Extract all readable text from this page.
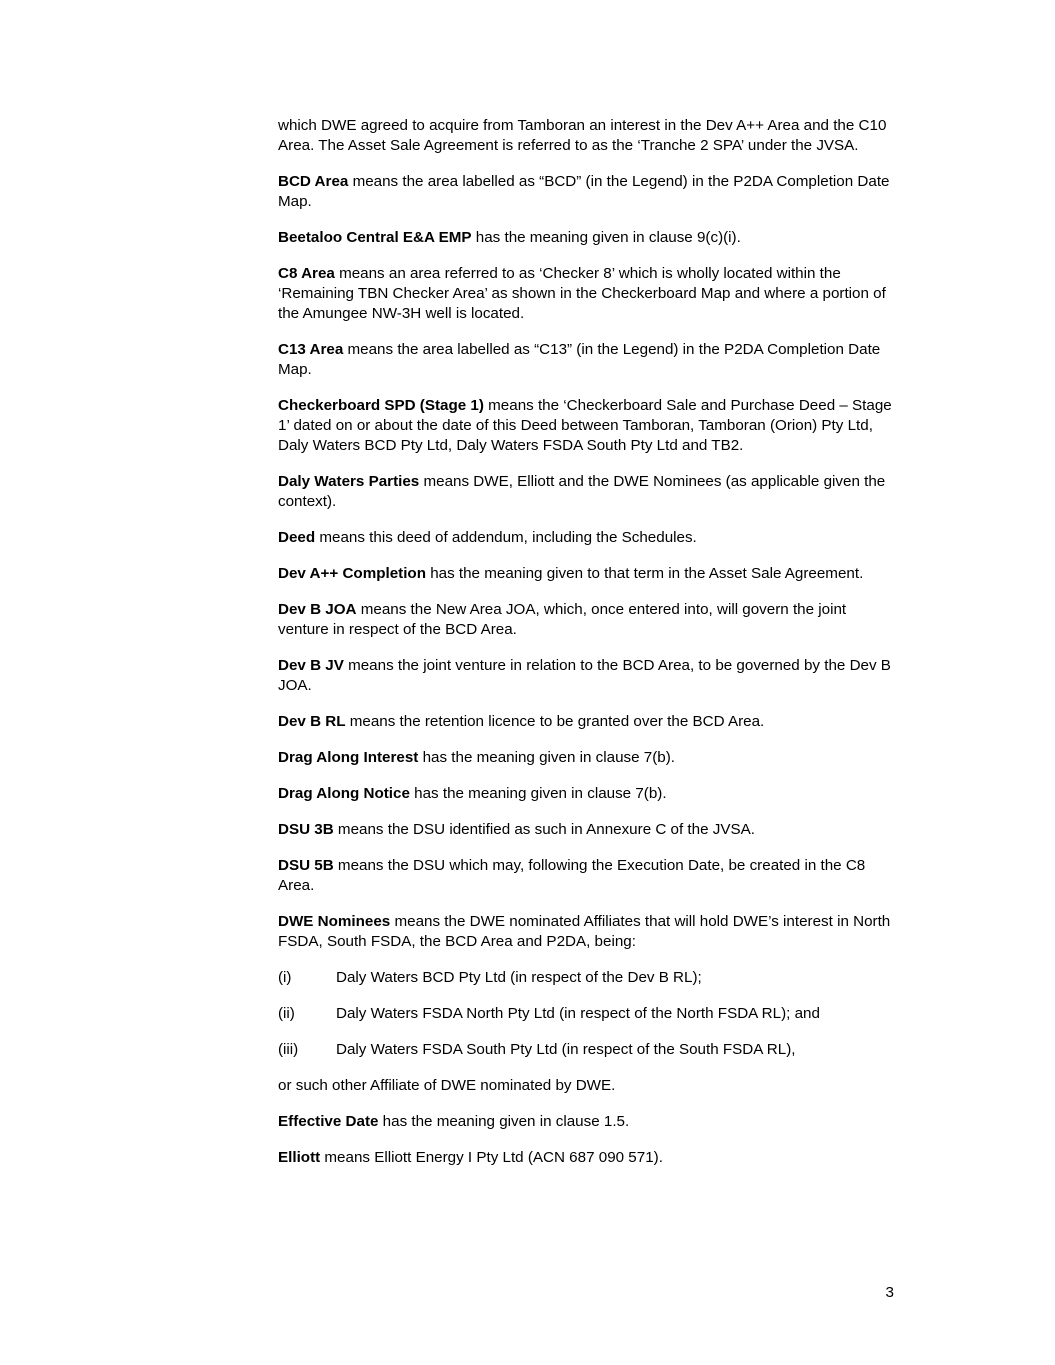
which DWE agreed to acquire from Tamboran an interest in the Dev A++ Area and the C10 Area. The Asset Sale Agreement is referred to as the ‘Tranche 2 SPA’ under the JVSA.

BCD Area means the area labelled as “BCD” (in the Legend) in the P2DA Completion Date Map.

Beetaloo Central E&A EMP has the meaning given in clause 9(c)(i).

C8 Area means an area referred to as ‘Checker 8’ which is wholly located within the ‘Remaining TBN Checker Area’ as shown in the Checkerboard Map and where a portion of the Amungee NW-3H well is located.

C13 Area means the area labelled as “C13” (in the Legend) in the P2DA Completion Date Map.

Checkerboard SPD (Stage 1) means the ‘Checkerboard Sale and Purchase Deed – Stage 1’ dated on or about the date of this Deed between Tamboran, Tamboran (Orion) Pty Ltd, Daly Waters BCD Pty Ltd, Daly Waters FSDA South Pty Ltd and TB2.

Daly Waters Parties means DWE, Elliott and the DWE Nominees (as applicable given the context).

Deed means this deed of addendum, including the Schedules.

Dev A++ Completion has the meaning given to that term in the Asset Sale Agreement.

Dev B JOA means the New Area JOA, which, once entered into, will govern the joint venture in respect of the BCD Area.

Dev B JV means the joint venture in relation to the BCD Area, to be governed by the Dev B JOA.

Dev B RL means the retention licence to be granted over the BCD Area.

Drag Along Interest has the meaning given in clause 7(b).

Drag Along Notice has the meaning given in clause 7(b).

DSU 3B means the DSU identified as such in Annexure C of the JVSA.

DSU 5B means the DSU which may, following the Execution Date, be created in the C8 Area.

DWE Nominees means the DWE nominated Affiliates that will hold DWE’s interest in North FSDA, South FSDA, the BCD Area and P2DA, being:

(i)	Daly Waters BCD Pty Ltd (in respect of the Dev B RL);
(ii)	Daly Waters FSDA North Pty Ltd (in respect of the North FSDA RL); and
(iii)	Daly Waters FSDA South Pty Ltd (in respect of the South FSDA RL),

or such other Affiliate of DWE nominated by DWE.

Effective Date has the meaning given in clause 1.5.

Elliott means Elliott Energy I Pty Ltd (ACN 687 090 571).

3
